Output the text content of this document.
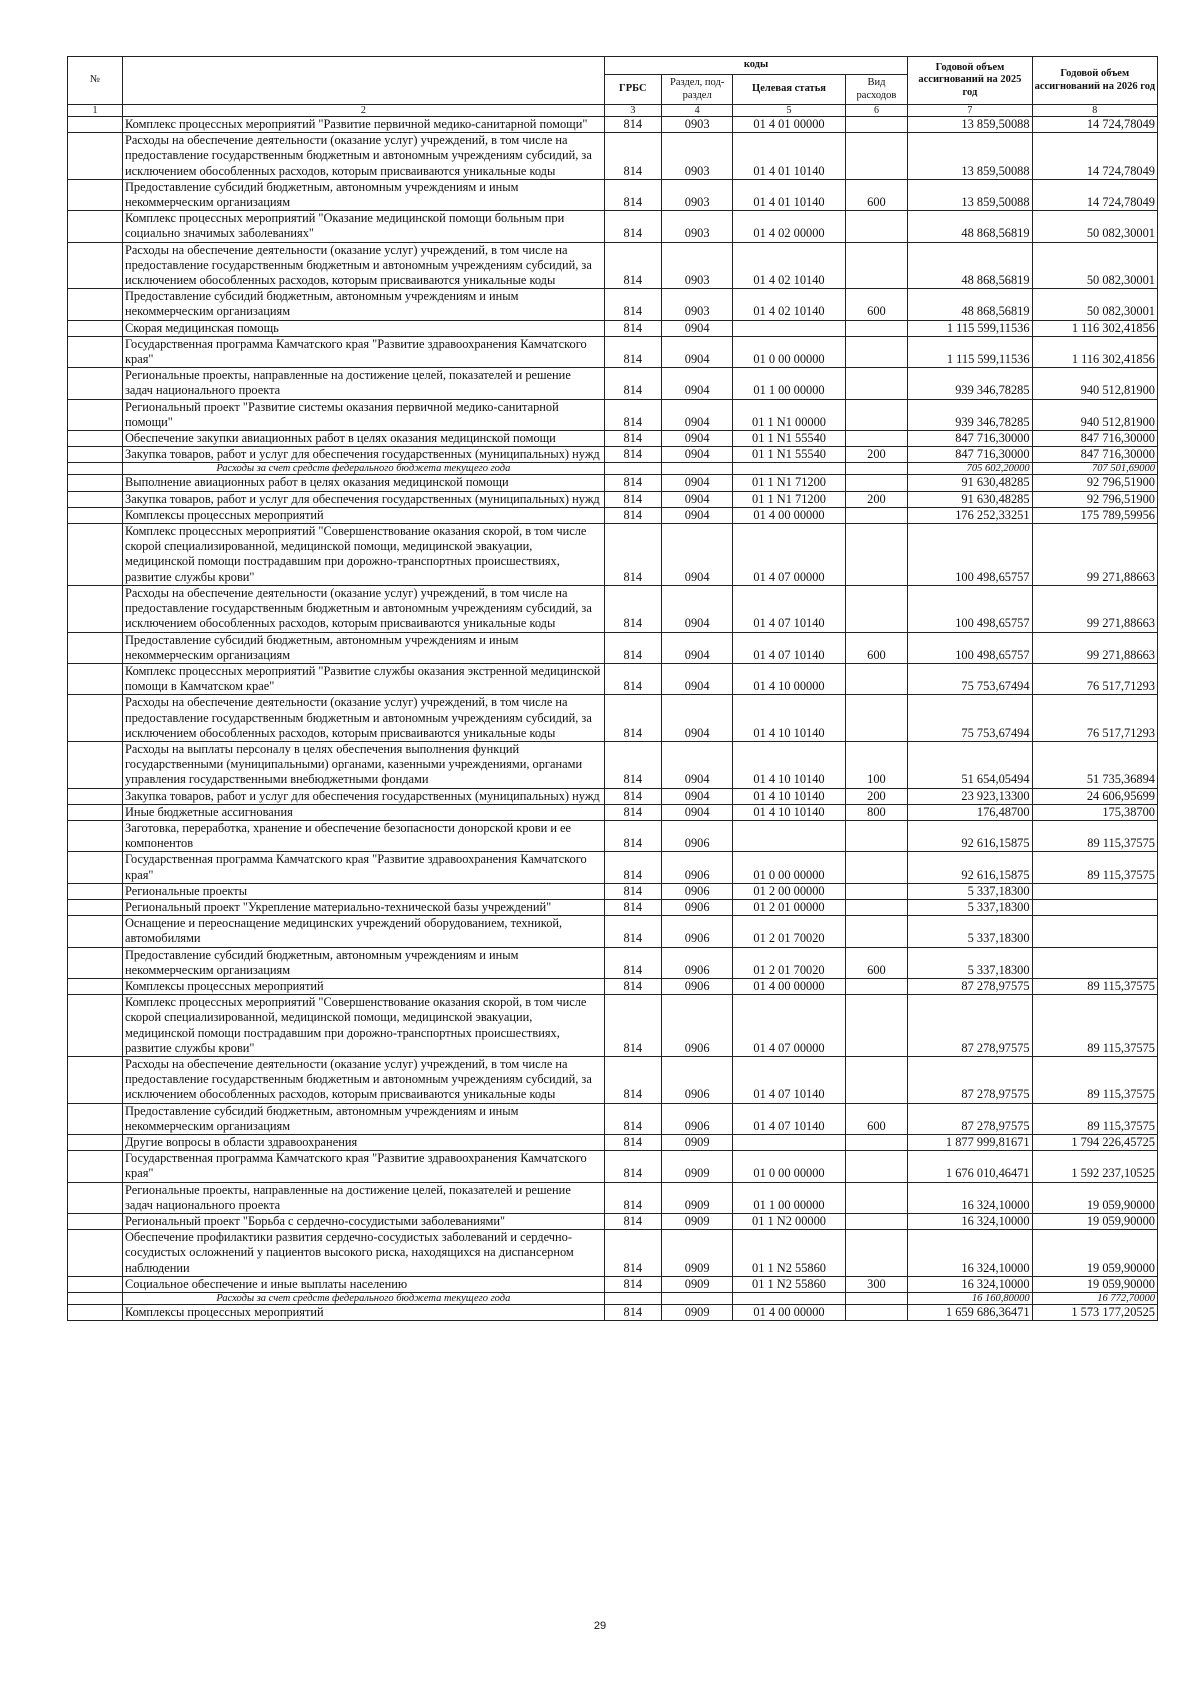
№		коды				Годовой объем ассигнований на 2025 год	Годовой объем ассигнований на 2026 год
		ГРБС	Раздел, под-раздел	Целевая статья	Вид расходов		
1	2	3	4	5	6	7	8
	Комплекс процессных мероприятий "Развитие первичной медико-санитарной помощи"	814	0903	01 4 01 00000		13 859,50088	14 724,78049
	Расходы на обеспечение деятельности (оказание услуг) учреждений, в том числе на предоставление государственным бюджетным и автономным учреждениям субсидий, за исключением обособленных расходов, которым присваиваются уникальные коды	814	0903	01 4 01 10140		13 859,50088	14 724,78049
	Предоставление субсидий бюджетным, автономным учреждениям и иным некоммерческим организациям	814	0903	01 4 01 10140	600	13 859,50088	14 724,78049
	Комплекс процессных мероприятий "Оказание медицинской помощи больным при социально значимых заболеваниях"	814	0903	01 4 02 00000		48 868,56819	50 082,30001
	Расходы на обеспечение деятельности (оказание услуг) учреждений, в том числе на предоставление государственным бюджетным и автономным учреждениям субсидий, за исключением обособленных расходов, которым присваиваются уникальные коды	814	0903	01 4 02 10140		48 868,56819	50 082,30001
	Предоставление субсидий бюджетным, автономным учреждениям и иным некоммерческим организациям	814	0903	01 4 02 10140	600	48 868,56819	50 082,30001
	Скорая медицинская помощь	814	0904			1 115 599,11536	1 116 302,41856
	Государственная программа Камчатского края "Развитие здравоохранения Камчатского края"	814	0904	01 0 00 00000		1 115 599,11536	1 116 302,41856
	Региональные проекты, направленные на достижение целей, показателей и решение задач национального проекта	814	0904	01 1 00 00000		939 346,78285	940 512,81900
	Региональный проект "Развитие системы оказания первичной медико-санитарной помощи"	814	0904	01 1 N1 00000		939 346,78285	940 512,81900
	Обеспечение закупки авиационных работ в целях оказания медицинской помощи	814	0904	01 1 N1 55540		847 716,30000	847 716,30000
	Закупка товаров, работ и услуг для обеспечения государственных (муниципальных) нужд	814	0904	01 1 N1 55540	200	847 716,30000	847 716,30000
	Расходы за счет средств федерального бюджета текущего года					705 602,20000	707 501,69000
	Выполнение авиационных работ в целях оказания медицинской помощи	814	0904	01 1 N1 71200		91 630,48285	92 796,51900
	Закупка товаров, работ и услуг для обеспечения государственных (муниципальных) нужд	814	0904	01 1 N1 71200	200	91 630,48285	92 796,51900
	Комплексы процессных мероприятий	814	0904	01 4 00 00000		176 252,33251	175 789,59956
	Комплекс процессных мероприятий "Совершенствование оказания скорой, в том числе скорой специализированной, медицинской помощи, медицинской эвакуации, медицинской помощи пострадавшим при дорожно-транспортных происшествиях, развитие службы крови"	814	0904	01 4 07 00000		100 498,65757	99 271,88663
	Расходы на обеспечение деятельности (оказание услуг) учреждений, в том числе на предоставление государственным бюджетным и автономным учреждениям субсидий, за исключением обособленных расходов, которым присваиваются уникальные коды	814	0904	01 4 07 10140		100 498,65757	99 271,88663
	Предоставление субсидий бюджетным, автономным учреждениям и иным некоммерческим организациям	814	0904	01 4 07 10140	600	100 498,65757	99 271,88663
	Комплекс процессных мероприятий "Развитие службы оказания экстренной медицинской помощи в Камчатском крае"	814	0904	01 4 10 00000		75 753,67494	76 517,71293
	Расходы на обеспечение деятельности (оказание услуг) учреждений, в том числе на предоставление государственным бюджетным и автономным учреждениям субсидий, за исключением обособленных расходов, которым присваиваются уникальные коды	814	0904	01 4 10 10140		75 753,67494	76 517,71293
	Расходы на выплаты персоналу в целях обеспечения выполнения функций государственными (муниципальными) органами, казенными учреждениями, органами управления государственными внебюджетными фондами	814	0904	01 4 10 10140	100	51 654,05494	51 735,36894
	Закупка товаров, работ и услуг для обеспечения государственных (муниципальных) нужд	814	0904	01 4 10 10140	200	23 923,13300	24 606,95699
	Иные бюджетные ассигнования	814	0904	01 4 10 10140	800	176,48700	175,38700
	Заготовка, переработка, хранение и обеспечение безопасности донорской крови и ее компонентов	814	0906			92 616,15875	89 115,37575
	Государственная программа Камчатского края "Развитие здравоохранения Камчатского края"	814	0906	01 0 00 00000		92 616,15875	89 115,37575
	Региональные проекты	814	0906	01 2 00 00000		5 337,18300	
	Региональный проект "Укрепление материально-технической базы учреждений"	814	0906	01 2 01 00000		5 337,18300	
	Оснащение и переоснащение медицинских учреждений оборудованием, техникой, автомобилями	814	0906	01 2 01 70020		5 337,18300	
	Предоставление субсидий бюджетным, автономным учреждениям и иным некоммерческим организациям	814	0906	01 2 01 70020	600	5 337,18300	
	Комплексы процессных мероприятий	814	0906	01 4 00 00000		87 278,97575	89 115,37575
	Комплекс процессных мероприятий "Совершенствование оказания скорой, в том числе скорой специализированной, медицинской помощи, медицинской эвакуации, медицинской помощи пострадавшим при дорожно-транспортных происшествиях, развитие службы крови"	814	0906	01 4 07 00000		87 278,97575	89 115,37575
	Расходы на обеспечение деятельности (оказание услуг) учреждений, в том числе на предоставление государственным бюджетным и автономным учреждениям субсидий, за исключением обособленных расходов, которым присваиваются уникальные коды	814	0906	01 4 07 10140		87 278,97575	89 115,37575
	Предоставление субсидий бюджетным, автономным учреждениям и иным некоммерческим организациям	814	0906	01 4 07 10140	600	87 278,97575	89 115,37575
	Другие вопросы в области здравоохранения	814	0909			1 877 999,81671	1 794 226,45725
	Государственная программа Камчатского края "Развитие здравоохранения Камчатского края"	814	0909	01 0 00 00000		1 676 010,46471	1 592 237,10525
	Региональные проекты, направленные на достижение целей, показателей и решение задач национального проекта	814	0909	01 1 00 00000		16 324,10000	19 059,90000
	Региональный проект "Борьба с сердечно-сосудистыми заболеваниями"	814	0909	01 1 N2 00000		16 324,10000	19 059,90000
	Обеспечение профилактики развития сердечно-сосудистых заболеваний и сердечно-сосудистых осложнений у пациентов высокого риска, находящихся на диспансерном наблюдении	814	0909	01 1 N2 55860		16 324,10000	19 059,90000
	Социальное обеспечение и иные выплаты населению	814	0909	01 1 N2 55860	300	16 324,10000	19 059,90000
	Расходы за счет средств федерального бюджета текущего года					16 160,80000	16 772,70000
	Комплексы процессных мероприятий	814	0909	01 4 00 00000		1 659 686,36471	1 573 177,20525
29
